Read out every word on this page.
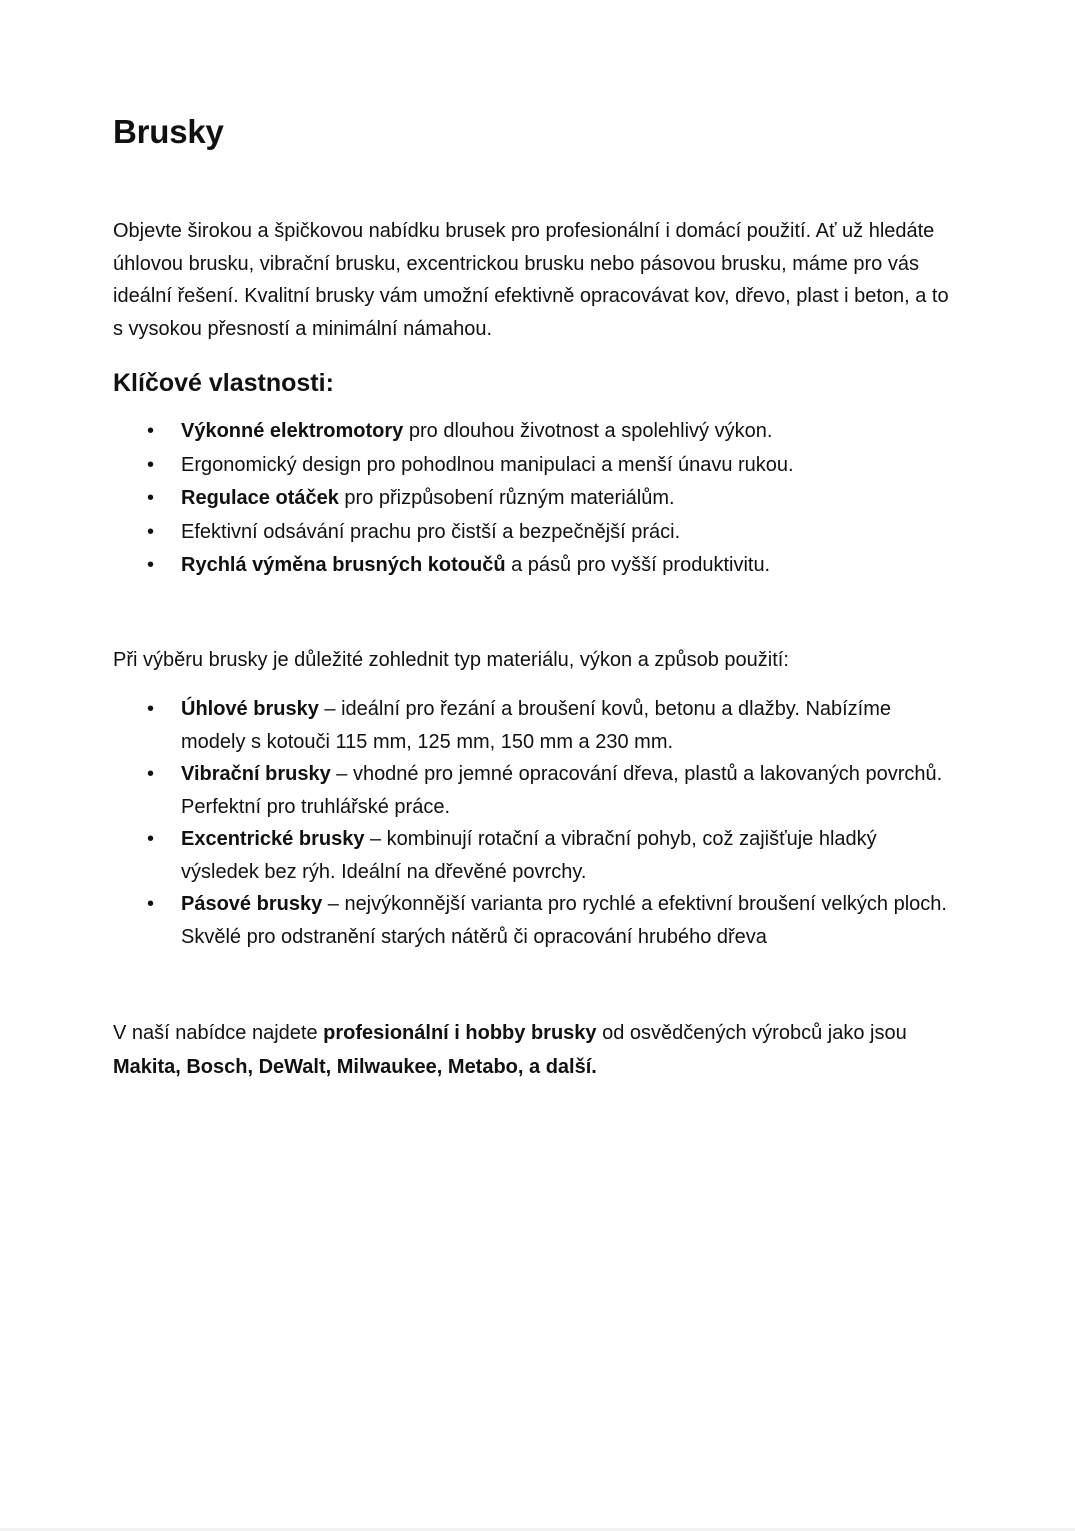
Brusky

Objevte širokou a špičkovou nabídku brusek pro profesionální i domácí použití. Ať už hledáte úhlovou brusku, vibrační brusku, excentrickou brusku nebo pásovou brusku, máme pro vás ideální řešení. Kvalitní brusky vám umožní efektivně opracovávat kov, dřevo, plast i beton, a to s vysokou přesností a minimální námahou.

Klíčové vlastnosti:
• Výkonné elektromotory pro dlouhou životnost a spolehlivý výkon.
• Ergonomický design pro pohodlnou manipulaci a menší únavu rukou.
• Regulace otáček pro přizpůsobení různým materiálům.
• Efektivní odsávání prachu pro čistší a bezpečnější práci.
• Rychlá výměna brusných kotoučů a pásů pro vyšší produktivitu.

Při výběru brusky je důležité zohlednit typ materiálu, výkon a způsob použití:

• Úhlové brusky – ideální pro řezání a broušení kovů, betonu a dlažby. Nabízíme modely s kotouči 115 mm, 125 mm, 150 mm a 230 mm.
• Vibrační brusky – vhodné pro jemné opracování dřeva, plastů a lakovaných povrchů. Perfektní pro truhlářské práce.
• Excentrické brusky – kombinují rotační a vibrační pohyb, což zajišťuje hladký výsledek bez rýh. Ideální na dřevěné povrchy.
• Pásové brusky – nejvýkonnější varianta pro rychlé a efektivní broušení velkých ploch. Skvělé pro odstranění starých nátěrů či opracování hrubého dřeva

V naší nabídce najdete profesionální i hobby brusky od osvědčených výrobců jako jsou Makita, Bosch, DeWalt, Milwaukee, Metabo, a další.
